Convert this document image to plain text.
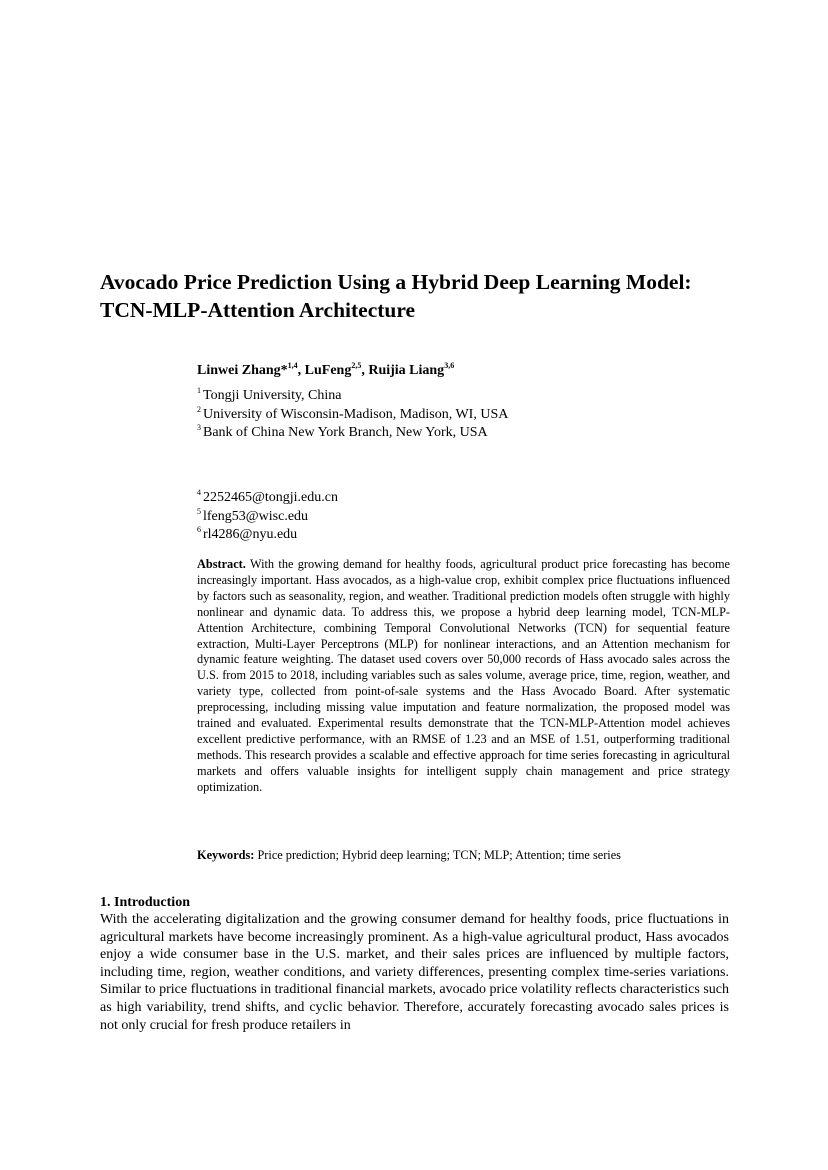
Avocado Price Prediction Using a Hybrid Deep Learning Model: TCN-MLP-Attention Architecture
Linwei Zhang*$^{1,4}$, LuFeng$^{2,5}$, Ruijia Liang$^{3,6}$
$^1$ Tongji University, China
$^2$ University of Wisconsin-Madison, Madison, WI, USA
$^3$ Bank of China New York Branch, New York, USA
$^4$ 2252465@tongji.edu.cn
$^5$ lfeng53@wisc.edu
$^6$ rl4286@nyu.edu
Abstract. With the growing demand for healthy foods, agricultural product price forecasting has become increasingly important. Hass avocados, as a high-value crop, exhibit complex price fluctuations influenced by factors such as seasonality, region, and weather. Traditional prediction models often struggle with highly nonlinear and dynamic data. To address this, we propose a hybrid deep learning model, TCN-MLP-Attention Architecture, combining Temporal Convolutional Networks (TCN) for sequential feature extraction, Multi-Layer Perceptrons (MLP) for nonlinear interactions, and an Attention mechanism for dynamic feature weighting. The dataset used covers over 50,000 records of Hass avocado sales across the U.S. from 2015 to 2018, including variables such as sales volume, average price, time, region, weather, and variety type, collected from point-of-sale systems and the Hass Avocado Board. After systematic preprocessing, including missing value imputation and feature normalization, the proposed model was trained and evaluated. Experimental results demonstrate that the TCN-MLP-Attention model achieves excellent predictive performance, with an RMSE of 1.23 and an MSE of 1.51, outperforming traditional methods. This research provides a scalable and effective approach for time series forecasting in agricultural markets and offers valuable insights for intelligent supply chain management and price strategy optimization.
Keywords: Price prediction; Hybrid deep learning; TCN; MLP; Attention; time series
1. Introduction
With the accelerating digitalization and the growing consumer demand for healthy foods, price fluctuations in agricultural markets have become increasingly prominent. As a high-value agricultural product, Hass avocados enjoy a wide consumer base in the U.S. market, and their sales prices are influenced by multiple factors, including time, region, weather conditions, and variety differences, presenting complex time-series variations. Similar to price fluctuations in traditional financial markets, avocado price volatility reflects characteristics such as high variability, trend shifts, and cyclic behavior. Therefore, accurately forecasting avocado sales prices is not only crucial for fresh produce retailers in
